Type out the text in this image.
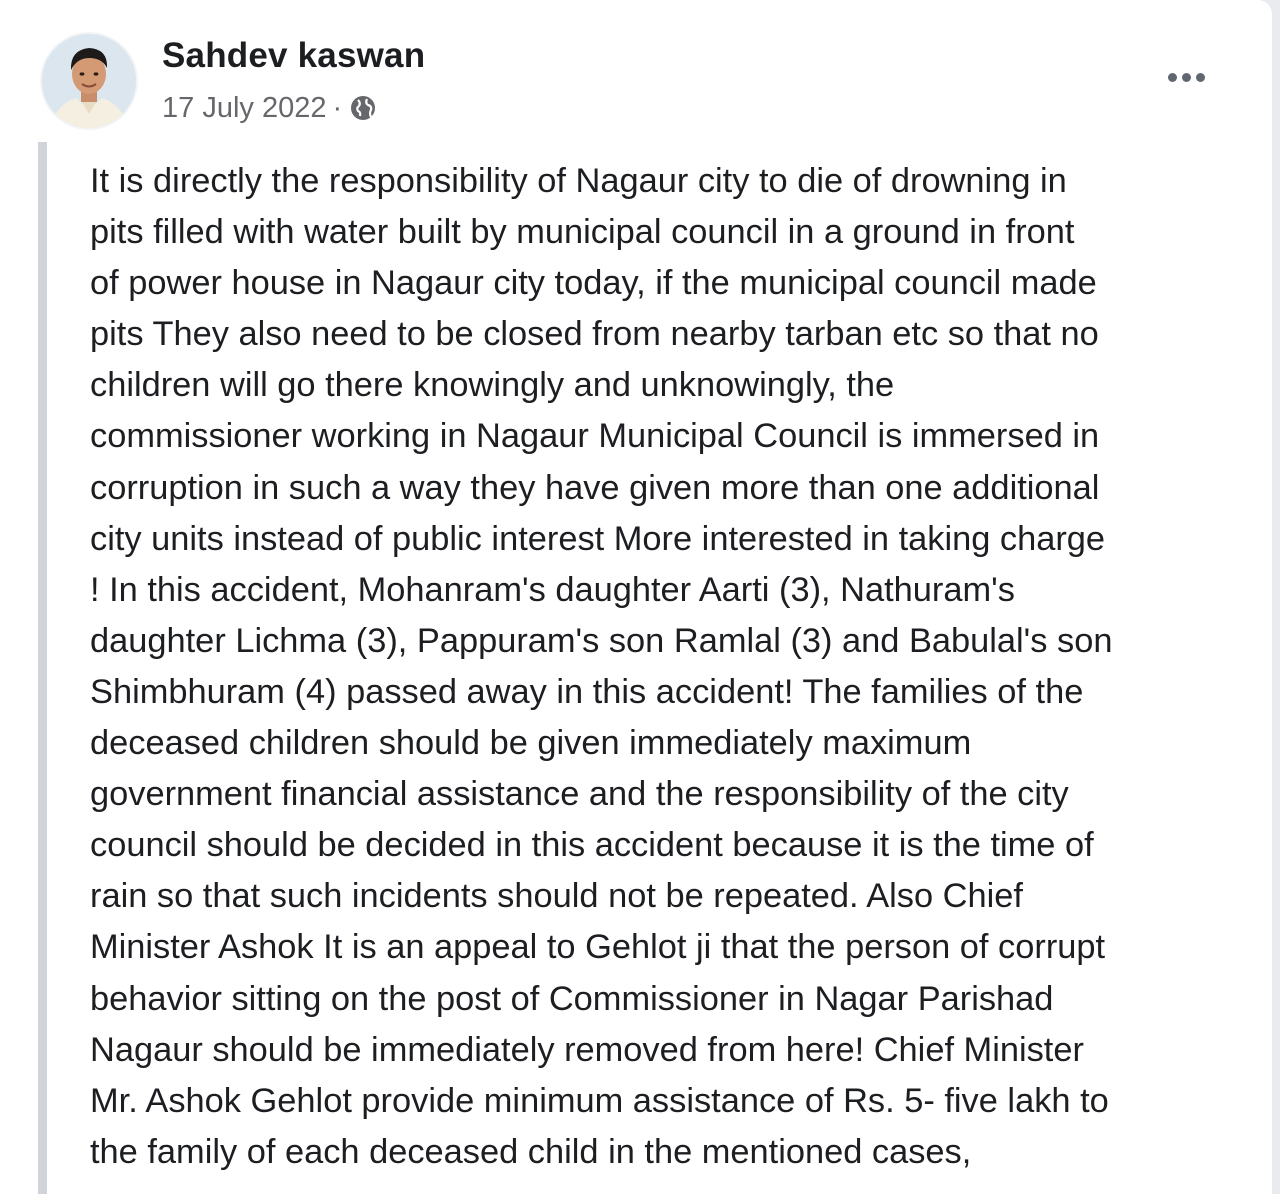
Sahdev kaswan
17 July 2022 ·

It is directly the responsibility of Nagaur city to die of drowning in
pits filled with water built by municipal council in a ground in front
of power house in Nagaur city today, if the municipal council made
pits They also need to be closed from nearby tarban etc so that no
children will go there knowingly and unknowingly, the
commissioner working in Nagaur Municipal Council is immersed in
corruption in such a way they have given more than one additional
city units instead of public interest More interested in taking charge
! In this accident, Mohanram's daughter Aarti (3), Nathuram's
daughter Lichma (3), Pappuram's son Ramlal (3) and Babulal's son
Shimbhuram (4) passed away in this accident! The families of the
deceased children should be given immediately maximum
government financial assistance and the responsibility of the city
council should be decided in this accident because it is the time of
rain so that such incidents should not be repeated. Also Chief
Minister Ashok It is an appeal to Gehlot ji that the person of corrupt
behavior sitting on the post of Commissioner in Nagar Parishad
Nagaur should be immediately removed from here! Chief Minister
Mr. Ashok Gehlot provide minimum assistance of Rs. 5- five lakh to
the family of each deceased child in the mentioned cases,
